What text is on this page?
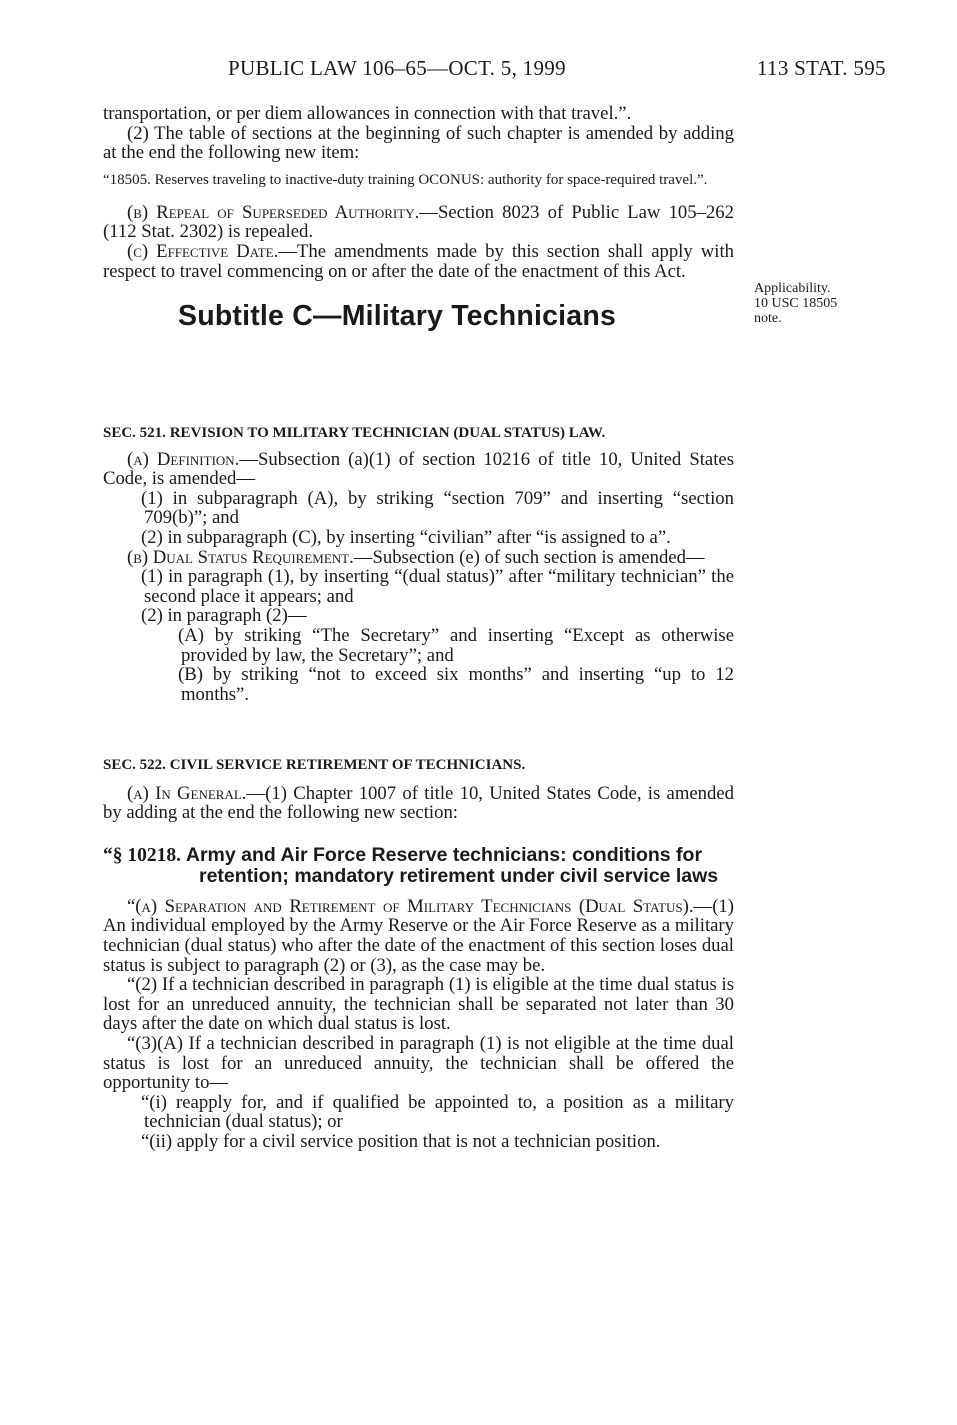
PUBLIC LAW 106–65—OCT. 5, 1999	113 STAT. 595
Applicability.
10 USC 18505
note.

transportation, or per diem allowances in connection with that travel.”.

(2) The table of sections at the beginning of such chapter is amended by adding at the end the following new item:

“18505. Reserves traveling to inactive-duty training OCONUS: authority for space-required travel.”.

(b) Repeal of Superseded Authority.—Section 8023 of Public Law 105–262 (112 Stat. 2302) is repealed.

(c) Effective Date.—The amendments made by this section shall apply with respect to travel commencing on or after the date of the enactment of this Act.

Subtitle C—Military Technicians

SEC. 521. REVISION TO MILITARY TECHNICIAN (DUAL STATUS) LAW.

(a) Definition.—Subsection (a)(1) of section 10216 of title 10, United States Code, is amended—

(1) in subparagraph (A), by striking “section 709” and inserting “section 709(b)”; and

(2) in subparagraph (C), by inserting “civilian” after “is assigned to a”.

(b) Dual Status Requirement.—Subsection (e) of such section is amended—

(1) in paragraph (1), by inserting “(dual status)” after “military technician” the second place it appears; and

(2) in paragraph (2)—

(A) by striking “The Secretary” and inserting “Except as otherwise provided by law, the Secretary”; and

(B) by striking “not to exceed six months” and inserting “up to 12 months”.

SEC. 522. CIVIL SERVICE RETIREMENT OF TECHNICIANS.

(a) In General.—(1) Chapter 1007 of title 10, United States Code, is amended by adding at the end the following new section:

“§ 10218. Army and Air Force Reserve technicians: conditions for retention; mandatory retirement under civil service laws

“(a) Separation and Retirement of Military Technicians (Dual Status).—(1) An individual employed by the Army Reserve or the Air Force Reserve as a military technician (dual status) who after the date of the enactment of this section loses dual status is subject to paragraph (2) or (3), as the case may be.

“(2) If a technician described in paragraph (1) is eligible at the time dual status is lost for an unreduced annuity, the technician shall be separated not later than 30 days after the date on which dual status is lost.

“(3)(A) If a technician described in paragraph (1) is not eligible at the time dual status is lost for an unreduced annuity, the technician shall be offered the opportunity to—

“(i) reapply for, and if qualified be appointed to, a position as a military technician (dual status); or

“(ii) apply for a civil service position that is not a technician position.
